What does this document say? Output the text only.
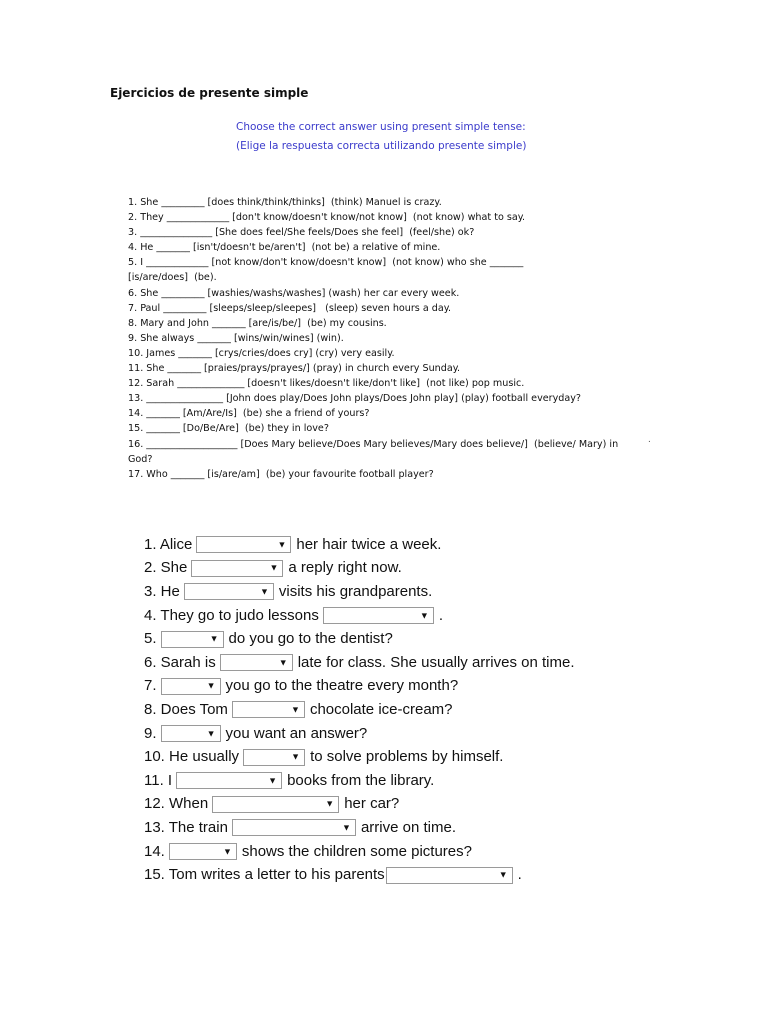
Ejercicios de presente simple
Choose the correct answer using present simple tense:
(Elige la respuesta correcta utilizando presente simple)
1. She _________ [does think/think/thinks]  (think) Manuel is crazy.
2. They _____________ [don't know/doesn't know/not know]  (not know) what to say.
3. _______________ [She does feel/She feels/Does she feel]  (feel/she) ok?
4. He _______ [isn't/doesn't be/aren't]  (not be) a relative of mine.
5. I _____________ [not know/don't know/doesn't know]  (not know) who she _______ [is/are/does]  (be).
6. She _________ [washies/washs/washes] (wash) her car every week.
7. Paul _________ [sleeps/sleep/sleepes]   (sleep) seven hours a day.
8. Mary and John _______ [are/is/be/]  (be) my cousins.
9. She always _______ [wins/win/wines] (win).
10. James _______ [crys/cries/does cry] (cry) very easily.
11. She _______ [praies/prays/prayes/] (pray) in church every Sunday.
12. Sarah ______________ [doesn't likes/doesn't like/don't like]  (not like) pop music.
13. ________________ [John does play/Does John plays/Does John play] (play) football everyday?
14. _______ [Am/Are/Is]  (be) she a friend of yours?
15. _______ [Do/Be/Are]  (be) they in love?
16. ___________________ [Does Mary believe/Does Mary believes/Mary does believe/]  (believe/ Mary) in God?
17. Who _______ [is/are/am]  (be) your favourite football player?
.
1. Alice	▼ her hair twice a week.
2. She	▼ a reply right now.
3. He	▼ visits his grandparents.
4. They go to judo lessons	▼ .
5.	▼ do you go to the dentist?
6. Sarah is	▼ late for class. She usually arrives on time.
7.	▼ you go to the theatre every month?
8. Does Tom	▼ chocolate ice-cream?
9.	▼ you want an answer?
10. He usually	▼ to solve problems by himself.
11. I	▼ books from the library.
12. When	▼ her car?
13. The train	▼ arrive on time.
14.	▼ shows the children some pictures?
15. Tom writes a letter to his parents	▼ .
